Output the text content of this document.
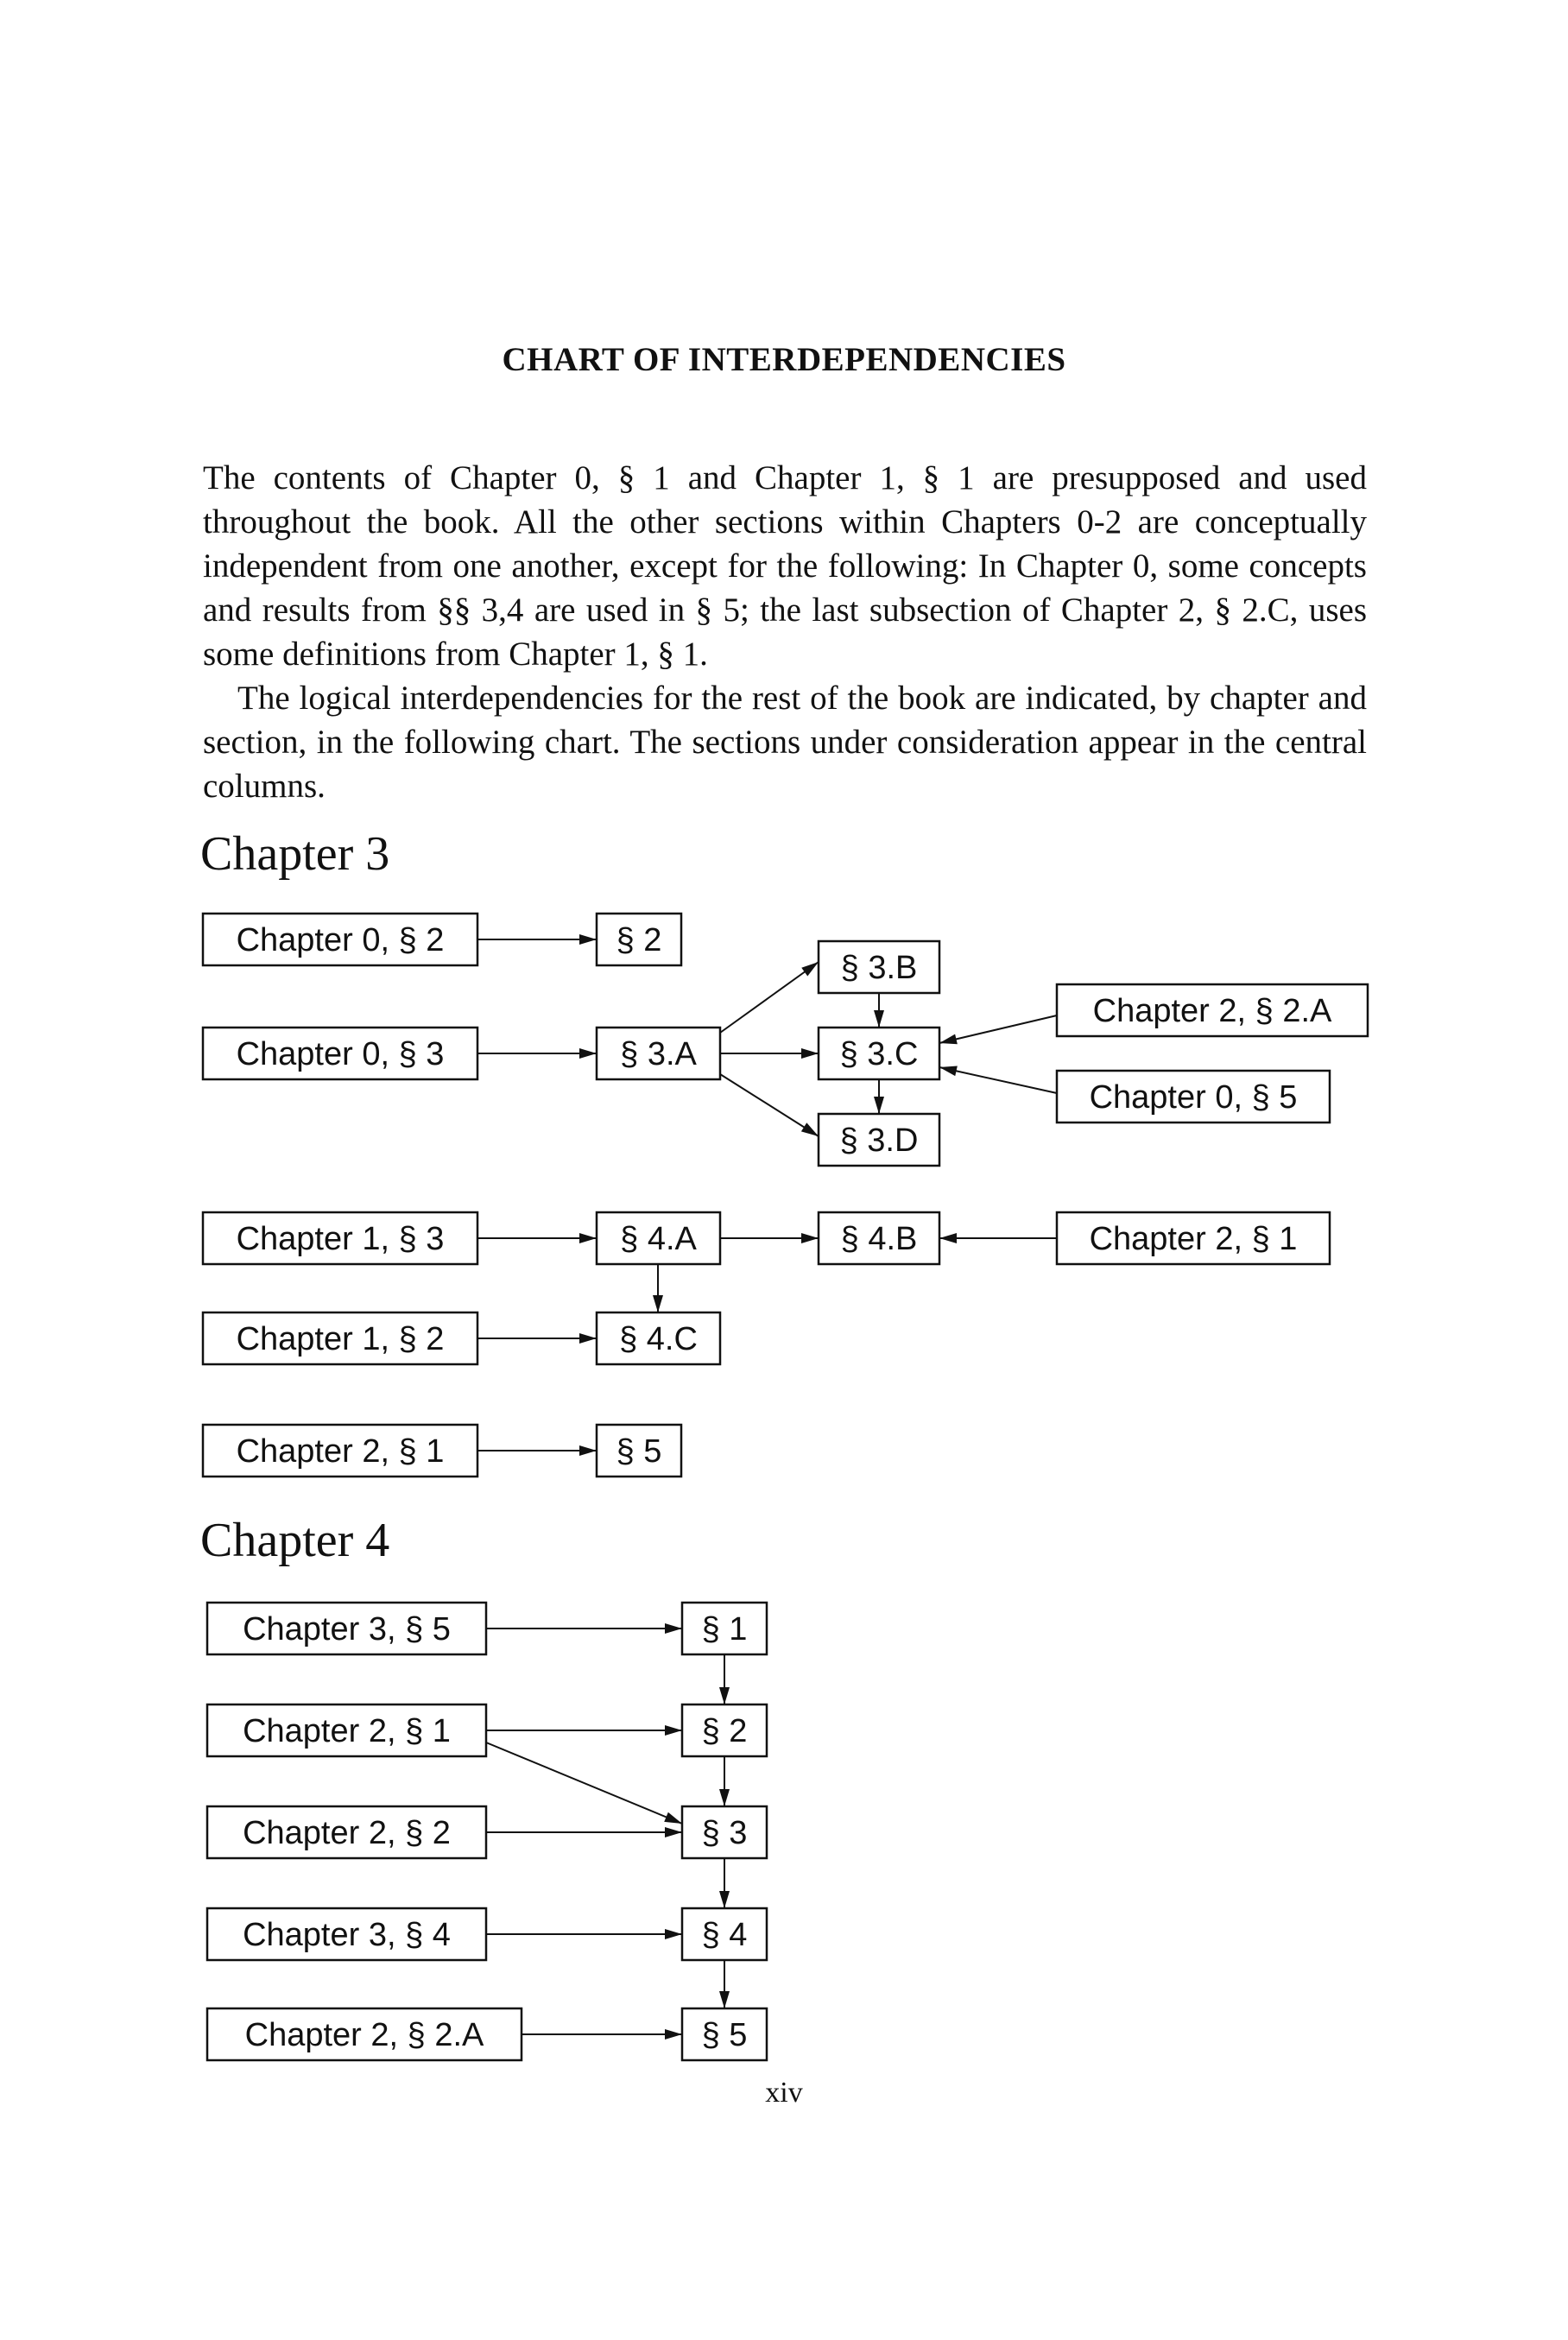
CHART OF INTERDEPENDENCIES

The contents of Chapter 0, § 1 and Chapter 1, § 1 are presupposed and used throughout the book. All the other sections within Chapters 0-2 are conceptually independent from one another, except for the following: In Chapter 0, some concepts and results from §§ 3,4 are used in § 5; the last subsection of Chapter 2, § 2.C, uses some definitions from Chapter 1, § 1.

The logical interdependencies for the rest of the book are indicated, by chapter and section, in the following chart. The sections under consideration appear in the central columns.

Chapter 3
Chapter 4
Chapter 0, § 2	§ 2
§ 3.B
Chapter 2, § 2.A
Chapter 0, § 3	§ 3.A	§ 3.C
Chapter 0, § 5
§ 3.D
Chapter 1, § 3	§ 4.A	§ 4.B	Chapter 2, § 1
Chapter 1, § 2	§ 4.C
Chapter 2, § 1	§ 5
Chapter 3, § 5	§ 1
Chapter 2, § 1	§ 2
Chapter 2, § 2	§ 3
Chapter 3, § 4	§ 4
Chapter 2, § 2.A	§ 5
xiv
